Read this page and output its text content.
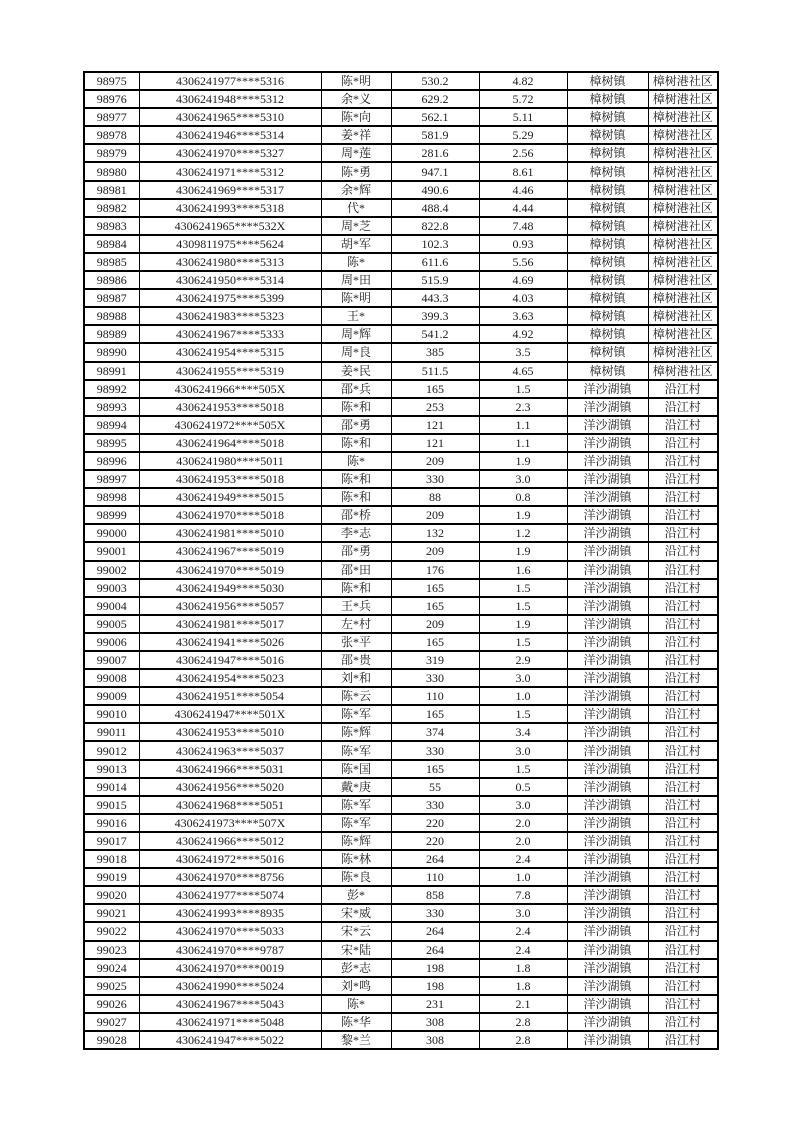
98975	4306241977****5316	陈*明	530.2	4.82	樟树镇	樟树港社区
98976	4306241948****5312	余*义	629.2	5.72	樟树镇	樟树港社区
98977	4306241965****5310	陈*向	562.1	5.11	樟树镇	樟树港社区
98978	4306241946****5314	姜*祥	581.9	5.29	樟树镇	樟树港社区
98979	4306241970****5327	周*莲	281.6	2.56	樟树镇	樟树港社区
98980	4306241971****5312	陈*勇	947.1	8.61	樟树镇	樟树港社区
98981	4306241969****5317	余*辉	490.6	4.46	樟树镇	樟树港社区
98982	4306241993****5318	代*	488.4	4.44	樟树镇	樟树港社区
98983	4306241965****532X	周*芝	822.8	7.48	樟树镇	樟树港社区
98984	4309811975****5624	胡*军	102.3	0.93	樟树镇	樟树港社区
98985	4306241980****5313	陈*	611.6	5.56	樟树镇	樟树港社区
98986	4306241950****5314	周*田	515.9	4.69	樟树镇	樟树港社区
98987	4306241975****5399	陈*明	443.3	4.03	樟树镇	樟树港社区
98988	4306241983****5323	王*	399.3	3.63	樟树镇	樟树港社区
98989	4306241967****5333	周*辉	541.2	4.92	樟树镇	樟树港社区
98990	4306241954****5315	周*良	385	3.5	樟树镇	樟树港社区
98991	4306241955****5319	姜*民	511.5	4.65	樟树镇	樟树港社区
98992	4306241966****505X	邵*兵	165	1.5	洋沙湖镇	沿江村
98993	4306241953****5018	陈*和	253	2.3	洋沙湖镇	沿江村
98994	4306241972****505X	邵*勇	121	1.1	洋沙湖镇	沿江村
98995	4306241964****5018	陈*和	121	1.1	洋沙湖镇	沿江村
98996	4306241980****5011	陈*	209	1.9	洋沙湖镇	沿江村
98997	4306241953****5018	陈*和	330	3.0	洋沙湖镇	沿江村
98998	4306241949****5015	陈*和	88	0.8	洋沙湖镇	沿江村
98999	4306241970****5018	邵*桥	209	1.9	洋沙湖镇	沿江村
99000	4306241981****5010	李*志	132	1.2	洋沙湖镇	沿江村
99001	4306241967****5019	邵*勇	209	1.9	洋沙湖镇	沿江村
99002	4306241970****5019	邵*田	176	1.6	洋沙湖镇	沿江村
99003	4306241949****5030	陈*和	165	1.5	洋沙湖镇	沿江村
99004	4306241956****5057	王*兵	165	1.5	洋沙湖镇	沿江村
99005	4306241981****5017	左*村	209	1.9	洋沙湖镇	沿江村
99006	4306241941****5026	张*平	165	1.5	洋沙湖镇	沿江村
99007	4306241947****5016	邵*贵	319	2.9	洋沙湖镇	沿江村
99008	4306241954****5023	刘*和	330	3.0	洋沙湖镇	沿江村
99009	4306241951****5054	陈*云	110	1.0	洋沙湖镇	沿江村
99010	4306241947****501X	陈*军	165	1.5	洋沙湖镇	沿江村
99011	4306241953****5010	陈*辉	374	3.4	洋沙湖镇	沿江村
99012	4306241963****5037	陈*军	330	3.0	洋沙湖镇	沿江村
99013	4306241966****5031	陈*国	165	1.5	洋沙湖镇	沿江村
99014	4306241956****5020	戴*庚	55	0.5	洋沙湖镇	沿江村
99015	4306241968****5051	陈*军	330	3.0	洋沙湖镇	沿江村
99016	4306241973****507X	陈*军	220	2.0	洋沙湖镇	沿江村
99017	4306241966****5012	陈*辉	220	2.0	洋沙湖镇	沿江村
99018	4306241972****5016	陈*林	264	2.4	洋沙湖镇	沿江村
99019	4306241970****8756	陈*良	110	1.0	洋沙湖镇	沿江村
99020	4306241977****5074	彭*	858	7.8	洋沙湖镇	沿江村
99021	4306241993****8935	宋*威	330	3.0	洋沙湖镇	沿江村
99022	4306241970****5033	宋*云	264	2.4	洋沙湖镇	沿江村
99023	4306241970****9787	宋*陆	264	2.4	洋沙湖镇	沿江村
99024	4306241970****0019	彭*志	198	1.8	洋沙湖镇	沿江村
99025	4306241990****5024	刘*鸣	198	1.8	洋沙湖镇	沿江村
99026	4306241967****5043	陈*	231	2.1	洋沙湖镇	沿江村
99027	4306241971****5048	陈*华	308	2.8	洋沙湖镇	沿江村
99028	4306241947****5022	黎*兰	308	2.8	洋沙湖镇	沿江村
